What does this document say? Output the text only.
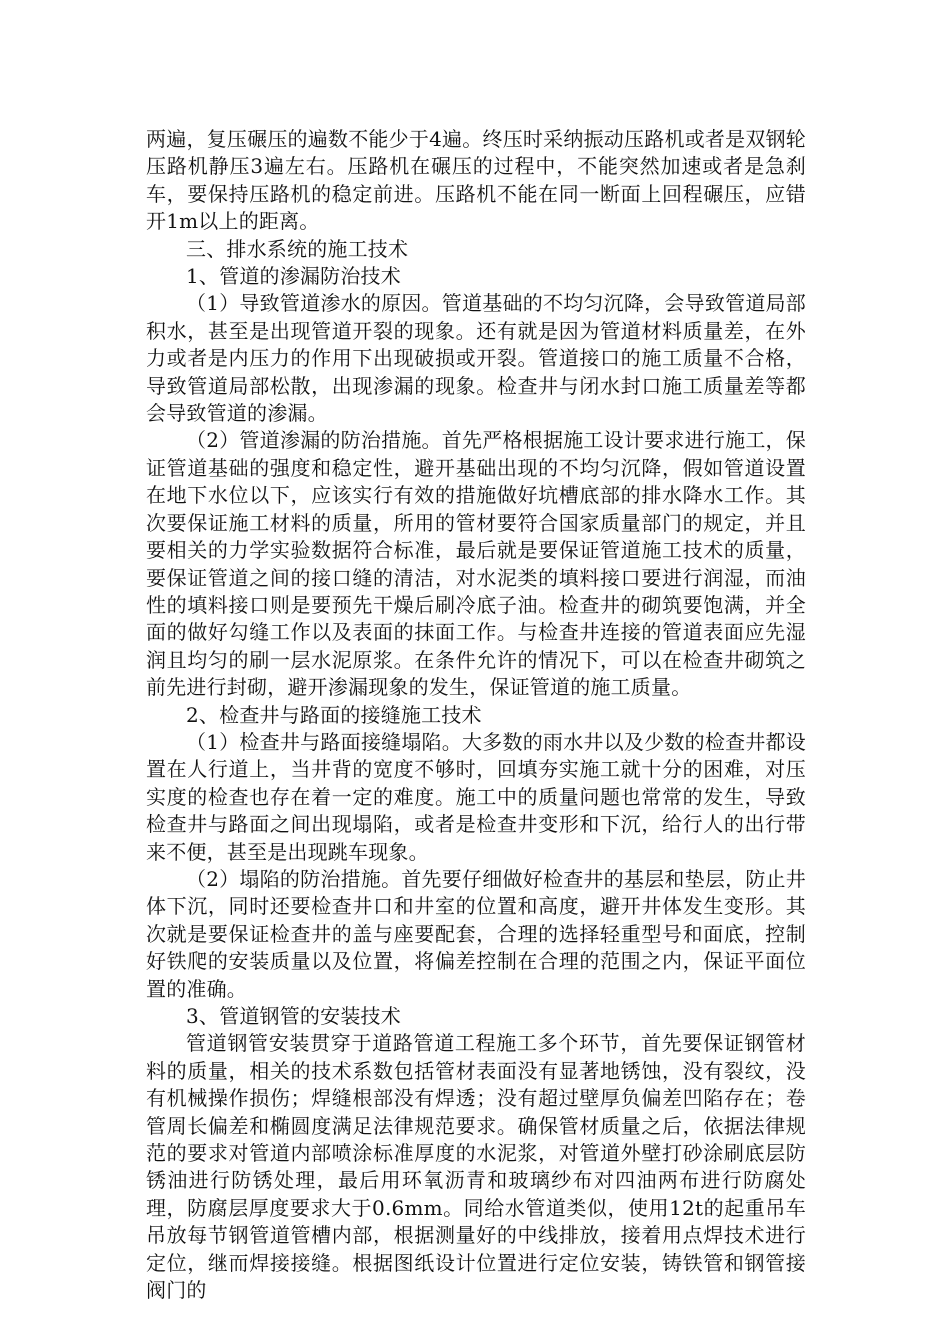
两遍，复压碾压的遍数不能少于4遍。终压时采纳振动压路机或者是双钢轮压路机静压3遍左右。压路机在碾压的过程中，不能突然加速或者是急刹车，要保持压路机的稳定前进。压路机不能在同一断面上回程碾压，应错开1m以上的距离。

三、排水系统的施工技术

1、管道的渗漏防治技术

（1）导致管道渗水的原因。管道基础的不均匀沉降，会导致管道局部积水，甚至是出现管道开裂的现象。还有就是因为管道材料质量差，在外力或者是内压力的作用下出现破损或开裂。管道接口的施工质量不合格，导致管道局部松散，出现渗漏的现象。检查井与闭水封口施工质量差等都会导致管道的渗漏。

（2）管道渗漏的防治措施。首先严格根据施工设计要求进行施工，保证管道基础的强度和稳定性，避开基础出现的不均匀沉降，假如管道设置在地下水位以下，应该实行有效的措施做好坑槽底部的排水降水工作。其次要保证施工材料的质量，所用的管材要符合国家质量部门的规定，并且要相关的力学实验数据符合标准，最后就是要保证管道施工技术的质量，要保证管道之间的接口缝的清洁，对水泥类的填料接口要进行润湿，而油性的填料接口则是要预先干燥后刷冷底子油。检查井的砌筑要饱满，并全面的做好勾缝工作以及表面的抹面工作。与检查井连接的管道表面应先湿润且均匀的刷一层水泥原浆。在条件允许的情况下，可以在检查井砌筑之前先进行封砌，避开渗漏现象的发生，保证管道的施工质量。

2、检查井与路面的接缝施工技术

（1）检查井与路面接缝塌陷。大多数的雨水井以及少数的检查井都设置在人行道上，当井背的宽度不够时，回填夯实施工就十分的困难，对压实度的检查也存在着一定的难度。施工中的质量问题也常常的发生，导致检查井与路面之间出现塌陷，或者是检查井变形和下沉，给行人的出行带来不便，甚至是出现跳车现象。

（2）塌陷的防治措施。首先要仔细做好检查井的基层和垫层，防止井体下沉，同时还要检查井口和井室的位置和高度，避开井体发生变形。其次就是要保证检查井的盖与座要配套，合理的选择轻重型号和面底，控制好铁爬的安装质量以及位置，将偏差控制在合理的范围之内，保证平面位置的准确。

3、管道钢管的安装技术

管道钢管安装贯穿于道路管道工程施工多个环节，首先要保证钢管材料的质量，相关的技术系数包括管材表面没有显著地锈蚀，没有裂纹，没有机械操作损伤；焊缝根部没有焊透；没有超过壁厚负偏差凹陷存在；卷管周长偏差和椭圆度满足法律规范要求。确保管材质量之后，依据法律规范的要求对管道内部喷涂标准厚度的水泥浆，对管道外壁打砂涂刷底层防锈油进行防锈处理，最后用环氧沥青和玻璃纱布对四油两布进行防腐处理，防腐层厚度要求大于0.6mm。同给水管道类似，使用12t的起重吊车吊放每节钢管道管槽内部，根据测量好的中线排放，接着用点焊技术进行定位，继而焊接接缝。根据图纸设计位置进行定位安装，铸铁管和钢管接阀门的
